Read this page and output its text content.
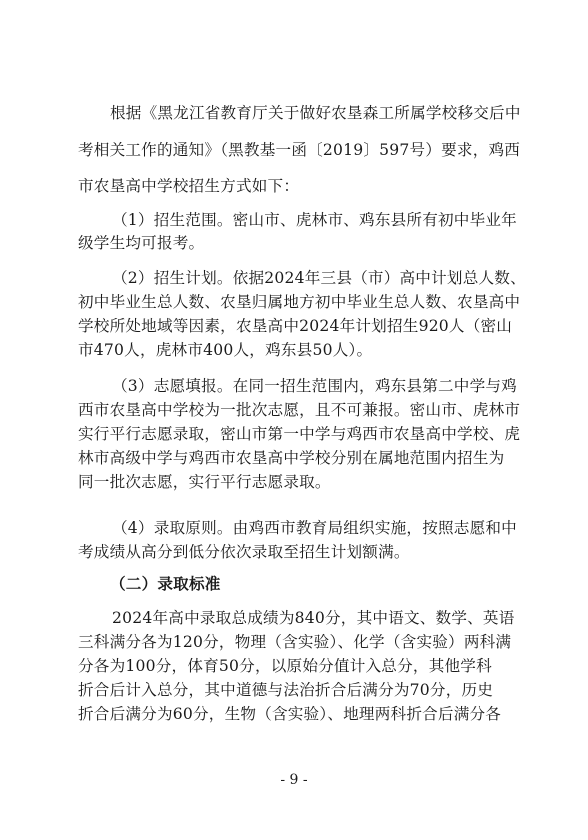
根据《黑龙江省教育厅关于做好农垦森工所属学校移交后中
考相关工作的通知》（黑教基一函〔2019〕597号）要求，鸡西
市农垦高中学校招生方式如下：
（1）招生范围。密山市、虎林市、鸡东县所有初中毕业年
级学生均可报考。
（2）招生计划。依据2024年三县（市）高中计划总人数、
初中毕业生总人数、农垦归属地方初中毕业生总人数、农垦高中
学校所处地域等因素，农垦高中2024年计划招生920人（密山
市470人，虎林市400人，鸡东县50人）。
（3）志愿填报。在同一招生范围内，鸡东县第二中学与鸡
西市农垦高中学校为一批次志愿，且不可兼报。密山市、虎林市
实行平行志愿录取，密山市第一中学与鸡西市农垦高中学校、虎
林市高级中学与鸡西市农垦高中学校分别在属地范围内招生为
同一批次志愿，实行平行志愿录取。
（4）录取原则。由鸡西市教育局组织实施，按照志愿和中
考成绩从高分到低分依次录取至招生计划额满。
（二）录取标准
2024年高中录取总成绩为840分，其中语文、数学、英语
三科满分各为120分，物理（含实验）、化学（含实验）两科满
分各为100分，体育50分，以原始分值计入总分，其他学科
折合后计入总分，其中道德与法治折合后满分为70分，历史
折合后满分为60分，生物（含实验）、地理两科折合后满分各
- 9 -
